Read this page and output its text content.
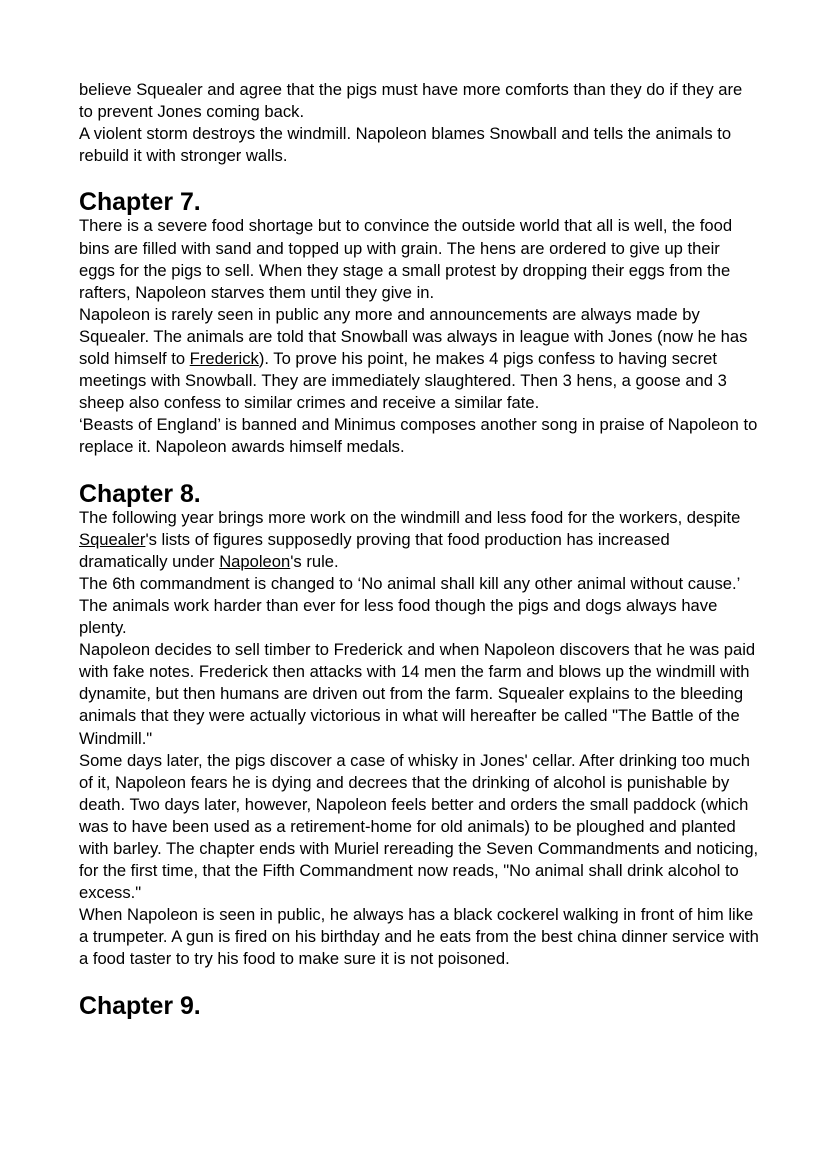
believe Squealer and agree that the pigs must have more comforts than they do if they are to prevent Jones coming back.

A violent storm destroys the windmill. Napoleon blames Snowball and tells the animals to rebuild it with stronger walls.

Chapter 7.

There is a severe food shortage but to convince the outside world that all is well, the food bins are filled with sand and topped up with grain. The hens are ordered to give up their eggs for the pigs to sell. When they stage a small protest by dropping their eggs from the rafters, Napoleon starves them until they give in.

Napoleon is rarely seen in public any more and announcements are always made by Squealer. The animals are told that Snowball was always in league with Jones (now he has sold himself to Frederick). To prove his point, he makes 4 pigs confess to having secret meetings with Snowball. They are immediately slaughtered. Then 3 hens, a goose and 3 sheep also confess to similar crimes and receive a similar fate.

‘Beasts of England’ is banned and Minimus composes another song in praise of Napoleon to replace it. Napoleon awards himself medals.

Chapter 8.

The following year brings more work on the windmill and less food for the workers, despite Squealer's lists of figures supposedly proving that food production has increased dramatically under Napoleon's rule.

The 6th commandment is changed to ‘No animal shall kill any other animal without cause.’

The animals work harder than ever for less food though the pigs and dogs always have plenty.

Napoleon decides to sell timber to Frederick and when Napoleon discovers that he was paid with fake notes. Frederick then attacks with 14 men the farm and blows up the windmill with dynamite, but then humans are driven out from the farm. Squealer explains to the bleeding animals that they were actually victorious in what will hereafter be called "The Battle of the Windmill."

Some days later, the pigs discover a case of whisky in Jones' cellar. After drinking too much of it, Napoleon fears he is dying and decrees that the drinking of alcohol is punishable by death. Two days later, however, Napoleon feels better and orders the small paddock (which was to have been used as a retirement-home for old animals) to be ploughed and planted with barley. The chapter ends with Muriel rereading the Seven Commandments and noticing, for the first time, that the Fifth Commandment now reads, "No animal shall drink alcohol to excess."

When Napoleon is seen in public, he always has a black cockerel walking in front of him like a trumpeter. A gun is fired on his birthday and he eats from the best china dinner service with a food taster to try his food to make sure it is not poisoned.

Chapter 9.
